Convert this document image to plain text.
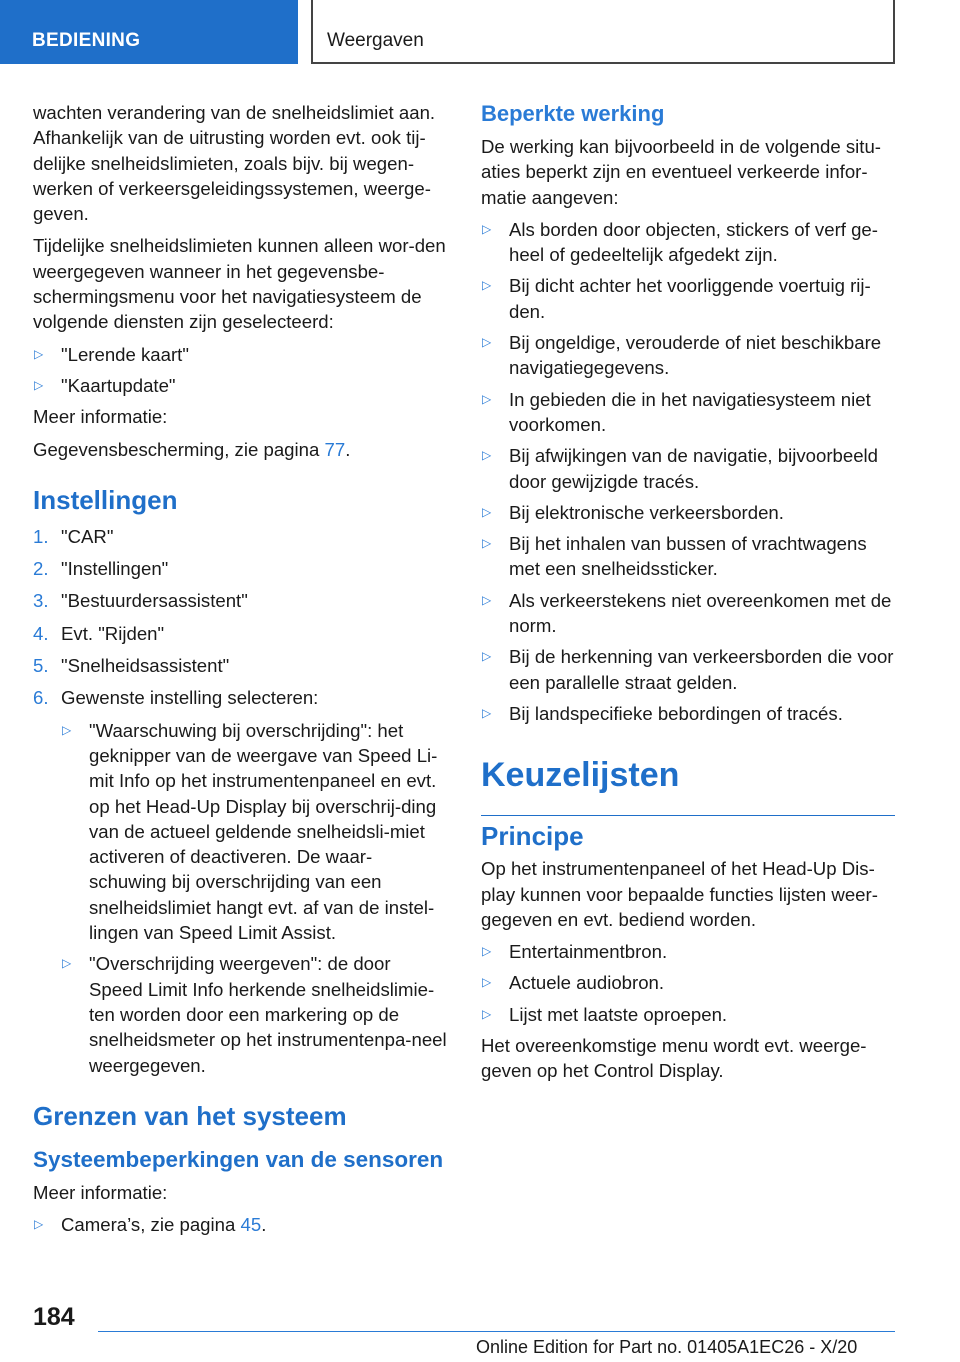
BEDIENING	Weergaven

wachten verandering van de snelheidslimiet aan. Afhankelijk van de uitrusting worden evt. ook tij-delijke snelheidslimieten, zoals bijv. bij wegen-werken of verkeersgeleidingssystemen, weerge-geven.

Tijdelijke snelheidslimieten kunnen alleen wor-den weergegeven wanneer in het gegevensbe-schermingsmenu voor het navigatiesysteem de volgende diensten zijn geselecteerd:

▷ "Lerende kaart"
▷ "Kaartupdate"

Meer informatie:

Gegevensbescherming, zie pagina 77.

Instellingen
1. "CAR"
2. "Instellingen"
3. "Bestuurdersassistent"
4. Evt. "Rijden"
5. "Snelheidsassistent"
6. Gewenste instelling selecteren:
▷ "Waarschuwing bij overschrijding": het geknipper van de weergave van Speed Li-mit Info op het instrumentenpaneel en evt. op het Head-Up Display bij overschrij-ding van de actueel geldende snelheidsli-miet activeren of deactiveren. De waar-schuwing bij overschrijding van een snelheidslimiet hangt evt. af van de instel-lingen van Speed Limit Assist.
▷ "Overschrijding weergeven": de door Speed Limit Info herkende snelheidslimie-ten worden door een markering op de snelheidsmeter op het instrumentenpa-neel weergegeven.
Grenzen van het systeem
Systeembeperkingen van de sensoren

Meer informatie:

▷ Camera’s, zie pagina 45.
Beperkte werking

De werking kan bijvoorbeeld in de volgende situ-aties beperkt zijn en eventueel verkeerde infor-matie aangeven:

▷ Als borden door objecten, stickers of verf ge-heel of gedeeltelijk afgedekt zijn.
▷ Bij dicht achter het voorliggende voertuig rij-den.
▷ Bij ongeldige, verouderde of niet beschikbare navigatiegegevens.
▷ In gebieden die in het navigatiesysteem niet voorkomen.
▷ Bij afwijkingen van de navigatie, bijvoorbeeld door gewijzigde tracés.
▷ Bij elektronische verkeersborden.
▷ Bij het inhalen van bussen of vrachtwagens met een snelheidssticker.
▷ Als verkeerstekens niet overeenkomen met de norm.
▷ Bij de herkenning van verkeersborden die voor een parallelle straat gelden.
▷ Bij landspecifieke bebordingen of tracés.
Keuzelijsten
Principe

Op het instrumentenpaneel of het Head-Up Dis-play kunnen voor bepaalde functies lijsten weer-gegeven en evt. bediend worden.

▷ Entertainmentbron.
▷ Actuele audiobron.
▷ Lijst met laatste oproepen.

Het overeenkomstige menu wordt evt. weerge-geven op het Control Display.

184
Online Edition for Part no. 01405A1EC26 - X/20
